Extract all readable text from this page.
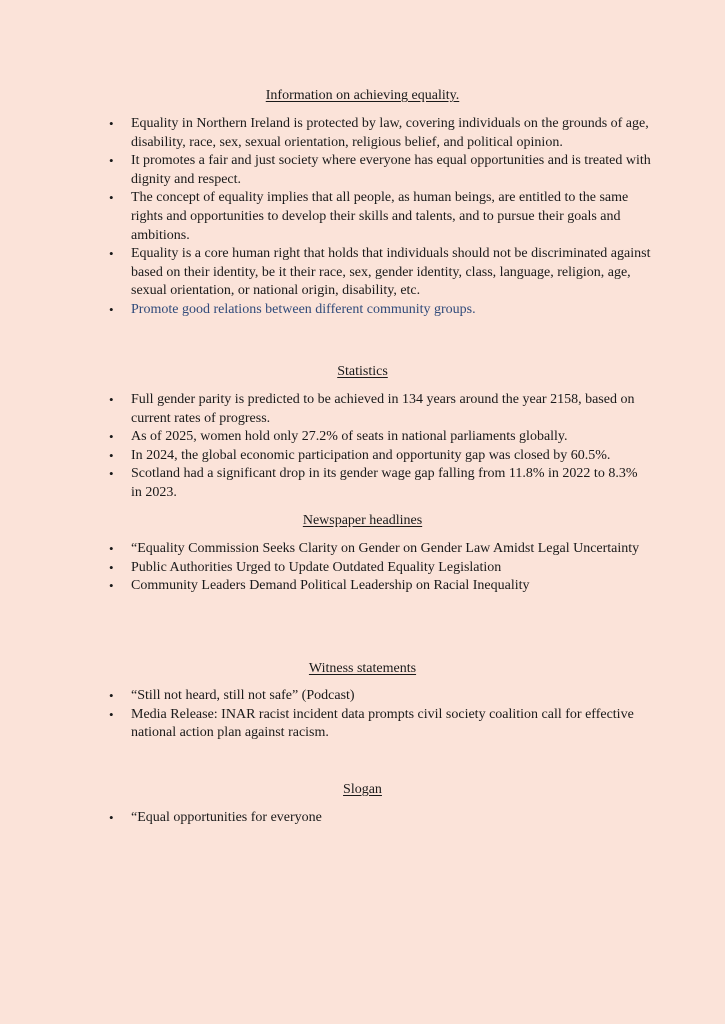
Information on achieving equality.
• Equality in Northern Ireland is protected by law, covering individuals on the grounds of age, disability, race, sex, sexual orientation, religious belief, and political opinion.
• It promotes a fair and just society where everyone has equal opportunities and is treated with dignity and respect.
• The concept of equality implies that all people, as human beings, are entitled to the same rights and opportunities to develop their skills and talents, and to pursue their goals and ambitions.
• Equality is a core human right that holds that individuals should not be discriminated against based on their identity, be it their race, sex, gender identity, class, language, religion, age, sexual orientation, or national origin, disability, etc.
• Promote good relations between different community groups.
Statistics
• Full gender parity is predicted to be achieved in 134 years around the year 2158, based on current rates of progress.
• As of 2025, women hold only 27.2% of seats in national parliaments globally.
• In 2024, the global economic participation and opportunity gap was closed by 60.5%.
• Scotland had a significant drop in its gender wage gap falling from 11.8% in 2022 to 8.3% in 2023.
Newspaper headlines
• “Equality Commission Seeks Clarity on Gender on Gender Law Amidst Legal Uncertainty
• Public Authorities Urged to Update Outdated Equality Legislation
• Community Leaders Demand Political Leadership on Racial Inequality
Witness statements
• “Still not heard, still not safe” (Podcast)
• Media Release: INAR racist incident data prompts civil society coalition call for effective national action plan against racism.
Slogan
• “Equal opportunities for everyone
